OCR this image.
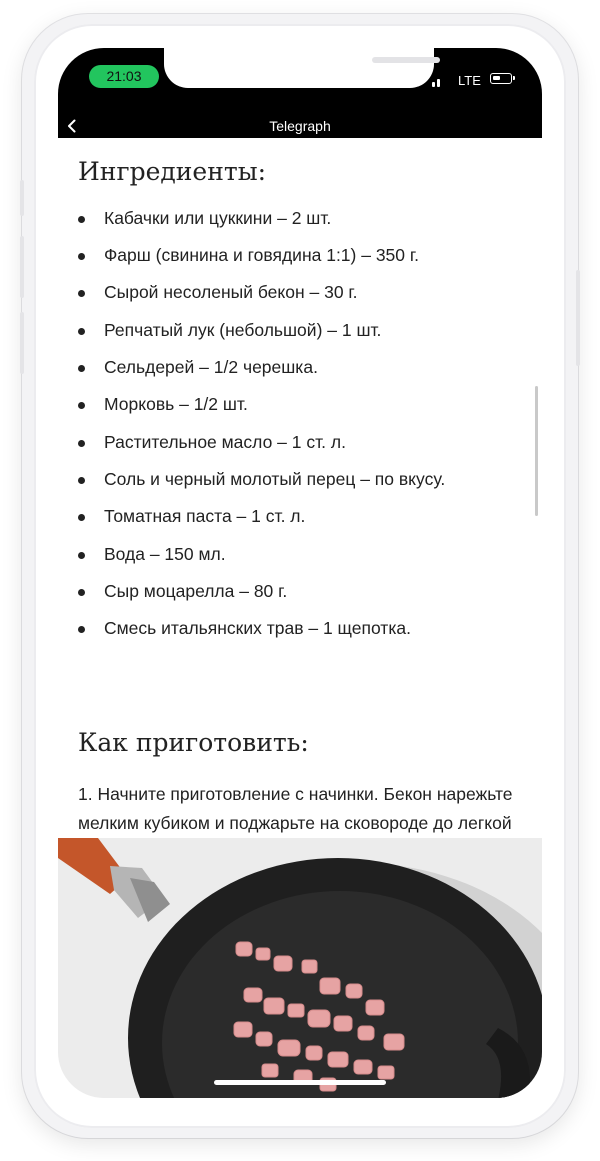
21:03	LTE
Telegraph
Ингредиенты:
Кабачки или цуккини – 2 шт.
Фарш (свинина и говядина 1:1) – 350 г.
Сырой несоленый бекон – 30 г.
Репчатый лук (небольшой) – 1 шт.
Сельдерей – 1/2 черешка.
Морковь – 1/2 шт.
Растительное масло – 1 ст. л.
Соль и черный молотый перец – по вкусу.
Томатная паста – 1 ст. л.
Вода – 150 мл.
Сыр моцарелла – 80 г.
Смесь итальянских трав – 1 щепотка.
Как приготовить:
1. Начните приготовление с начинки. Бекон нарежьте мелким кубиком и поджарьте на сковороде до легкой
